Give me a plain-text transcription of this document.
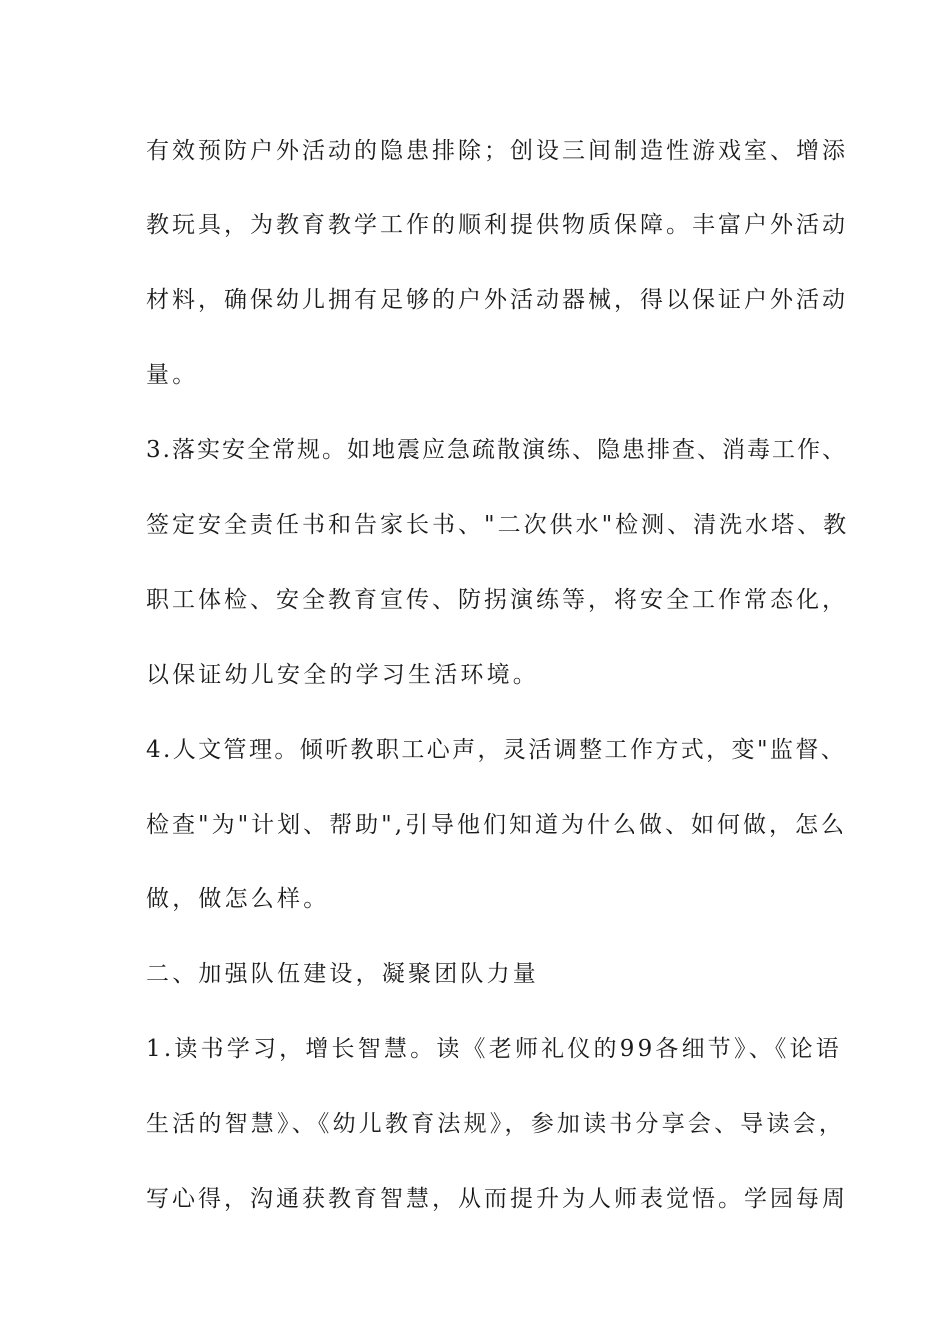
有效预防户外活动的隐患排除；创设三间制造性游戏室、增添

教玩具，为教育教学工作的顺利提供物质保障。丰富户外活动

材料，确保幼儿拥有足够的户外活动器械，得以保证户外活动

量。

3.落实安全常规。如地震应急疏散演练、隐患排查、消毒工作、

签定安全责任书和告家长书、"二次供水"检测、清洗水塔、教

职工体检、安全教育宣传、防拐演练等，将安全工作常态化，

以保证幼儿安全的学习生活环境。

4.人文管理。倾听教职工心声，灵活调整工作方式，变"监督、

检查"为"计划、帮助",引导他们知道为什么做、如何做，怎么

做，做怎么样。

二、加强队伍建设，凝聚团队力量

1.读书学习，增长智慧。读《老师礼仪的99各细节》、《论语

生活的智慧》、《幼儿教育法规》，参加读书分享会、导读会，

写心得，沟通获教育智慧，从而提升为人师表觉悟。学园每周
